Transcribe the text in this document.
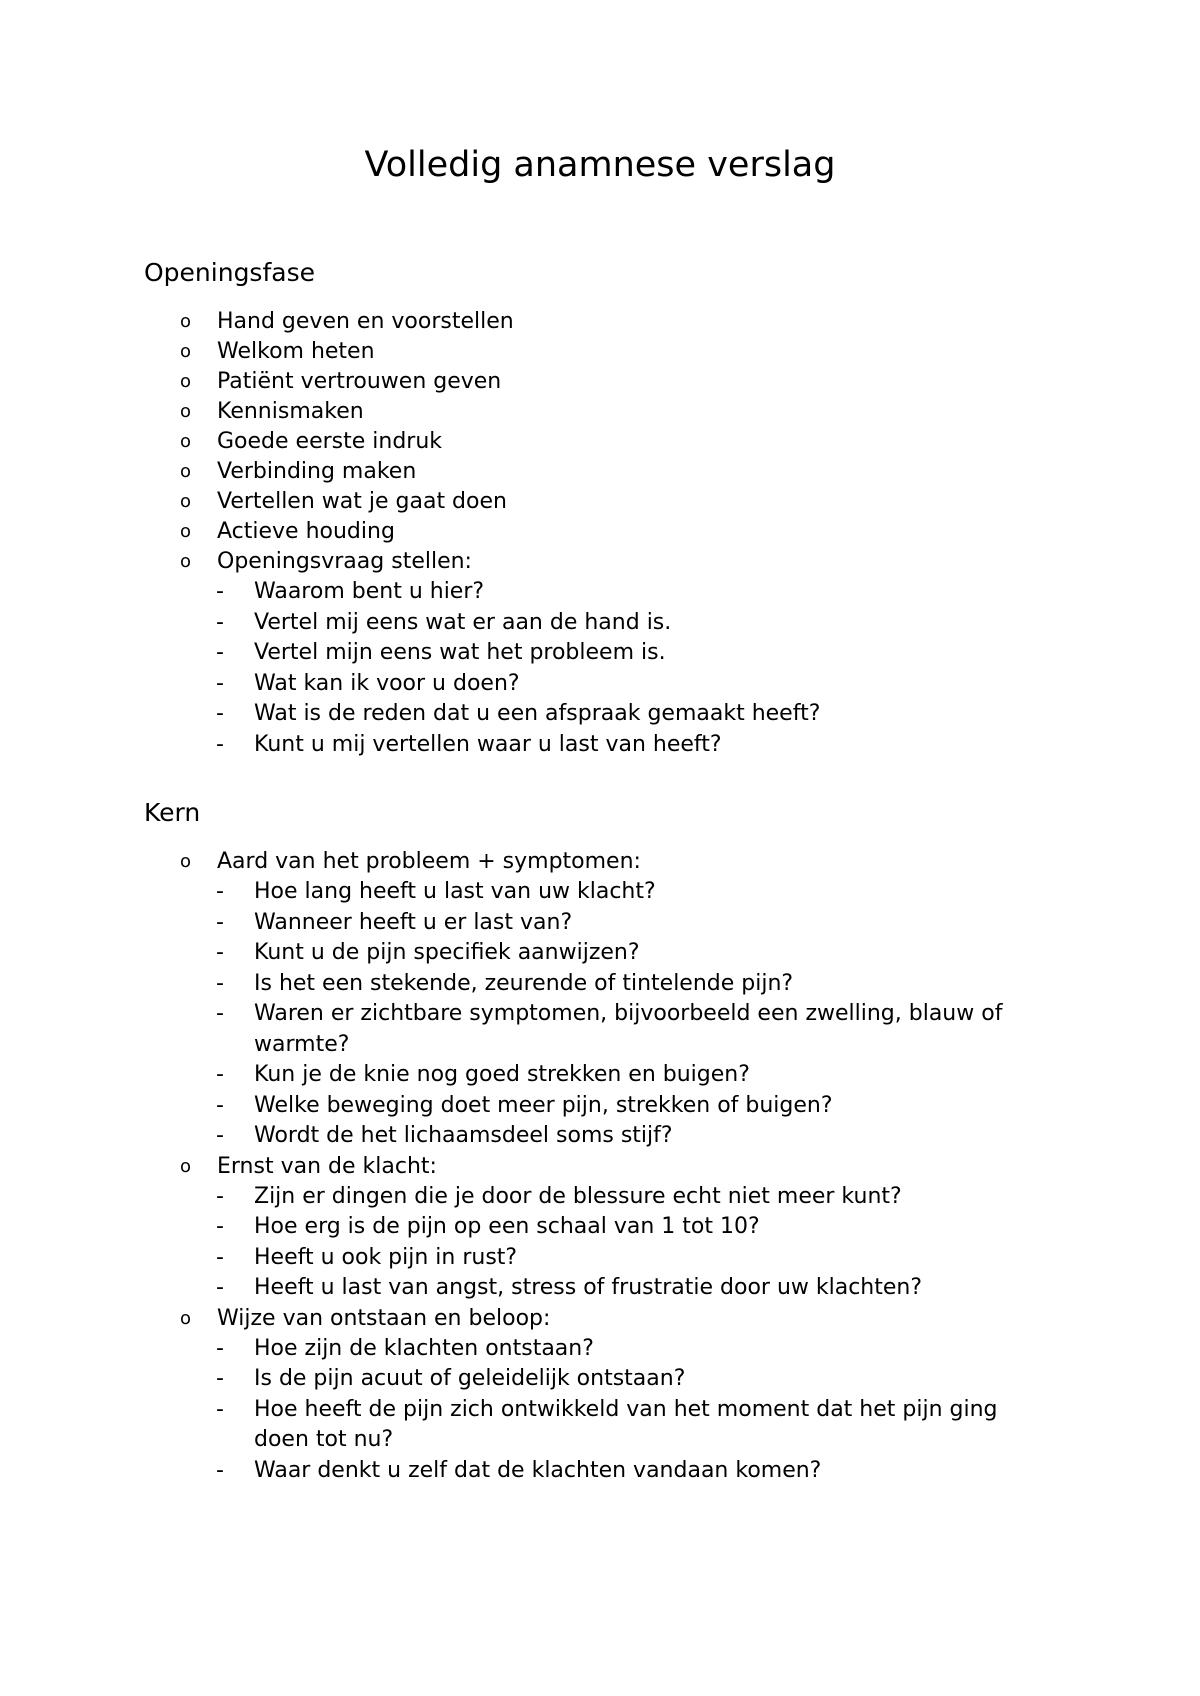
Volledig anamnese verslag
Openingsfase
o Hand geven en voorstellen
o Welkom heten
o Patiënt vertrouwen geven
o Kennismaken
o Goede eerste indruk
o Verbinding maken
o Vertellen wat je gaat doen
o Actieve houding
o Openingsvraag stellen:
- Waarom bent u hier?
- Vertel mij eens wat er aan de hand is.
- Vertel mijn eens wat het probleem is.
- Wat kan ik voor u doen?
- Wat is de reden dat u een afspraak gemaakt heeft?
- Kunt u mij vertellen waar u last van heeft?
Kern
o Aard van het probleem + symptomen:
- Hoe lang heeft u last van uw klacht?
- Wanneer heeft u er last van?
- Kunt u de pijn specifiek aanwijzen?
- Is het een stekende, zeurende of tintelende pijn?
- Waren er zichtbare symptomen, bijvoorbeeld een zwelling, blauw of warmte?
- Kun je de knie nog goed strekken en buigen?
- Welke beweging doet meer pijn, strekken of buigen?
- Wordt de het lichaamsdeel soms stijf?
o Ernst van de klacht:
- Zijn er dingen die je door de blessure echt niet meer kunt?
- Hoe erg is de pijn op een schaal van 1 tot 10?
- Heeft u ook pijn in rust?
- Heeft u last van angst, stress of frustratie door uw klachten?
o Wijze van ontstaan en beloop:
- Hoe zijn de klachten ontstaan?
- Is de pijn acuut of geleidelijk ontstaan?
- Hoe heeft de pijn zich ontwikkeld van het moment dat het pijn ging doen tot nu?
- Waar denkt u zelf dat de klachten vandaan komen?
